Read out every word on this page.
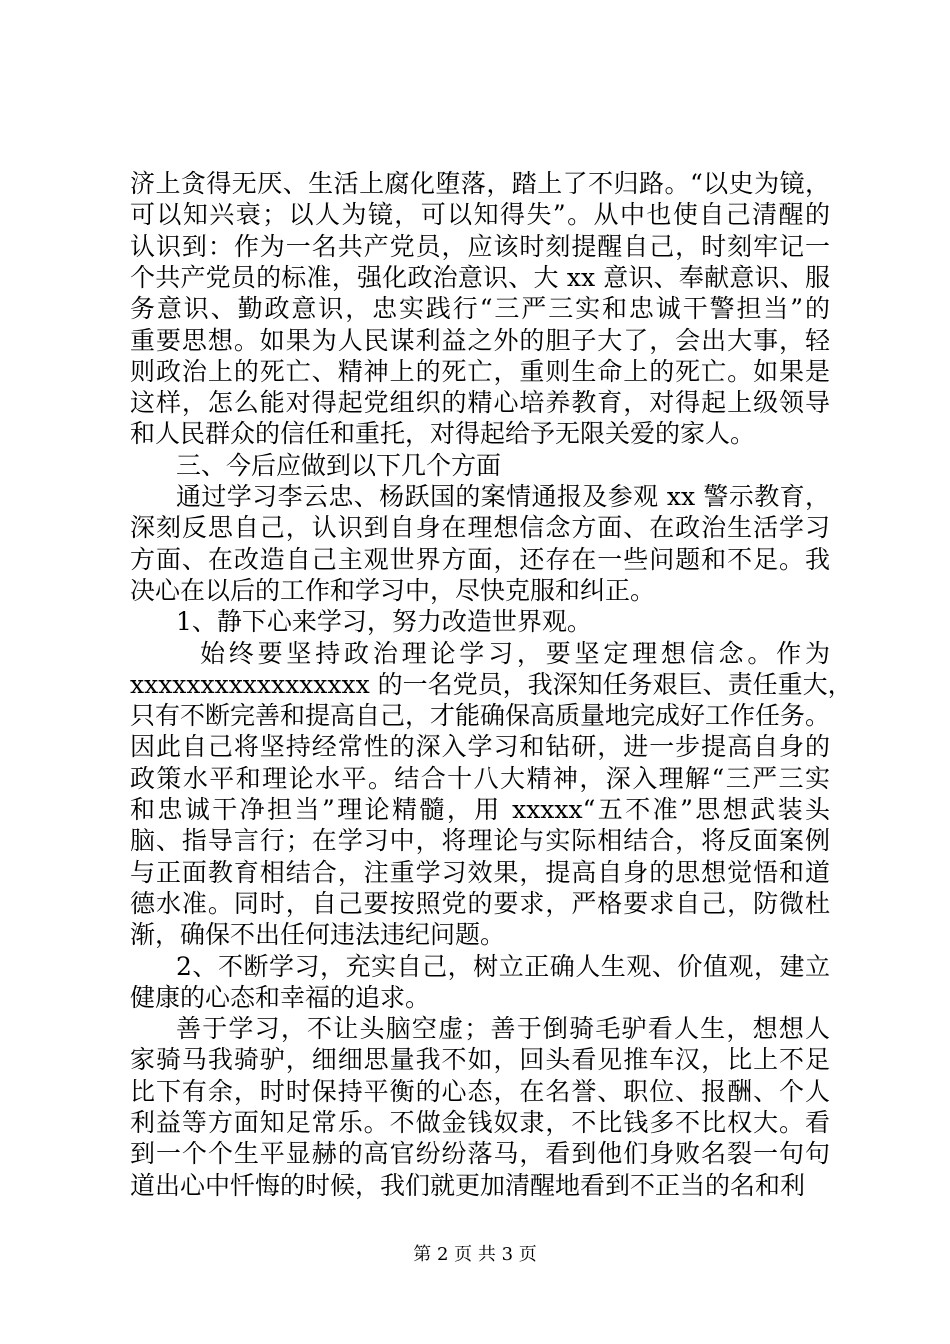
济上贪得无厌、生活上腐化堕落，踏上了不归路。“以史为镜，
可以知兴衰；以人为镜，可以知得失”。从中也使自己清醒的
认识到：作为一名共产党员，应该时刻提醒自己，时刻牢记一
个共产党员的标准，强化政治意识、大 xx 意识、奉献意识、服
务意识、勤政意识，忠实践行“三严三实和忠诚干警担当”的
重要思想。如果为人民谋利益之外的胆子大了，会出大事，轻
则政治上的死亡、精神上的死亡，重则生命上的死亡。如果是
这样，怎么能对得起党组织的精心培养教育，对得起上级领导
和人民群众的信任和重托，对得起给予无限关爱的家人。
三、今后应做到以下几个方面
通过学习李云忠、杨跃国的案情通报及参观 xx 警示教育，
深刻反思自己，认识到自身在理想信念方面、在政治生活学习
方面、在改造自己主观世界方面，还存在一些问题和不足。我
决心在以后的工作和学习中，尽快克服和纠正。
1、静下心来学习，努力改造世界观。
始终要坚持政治理论学习，要坚定理想信念。作为
xxxxxxxxxxxxxxxxx 的一名党员，我深知任务艰巨、责任重大，
只有不断完善和提高自己，才能确保高质量地完成好工作任务。
因此自己将坚持经常性的深入学习和钻研，进一步提高自身的
政策水平和理论水平。结合十八大精神，深入理解“三严三实
和忠诚干净担当”理论精髓，用 xxxxx“五不准”思想武装头
脑、指导言行；在学习中，将理论与实际相结合，将反面案例
与正面教育相结合，注重学习效果，提高自身的思想觉悟和道
德水准。同时，自己要按照党的要求，严格要求自己，防微杜
渐，确保不出任何违法违纪问题。
2、不断学习，充实自己，树立正确人生观、价值观，建立
健康的心态和幸福的追求。
善于学习，不让头脑空虚；善于倒骑毛驴看人生，想想人
家骑马我骑驴，细细思量我不如，回头看见推车汉，比上不足
比下有余，时时保持平衡的心态，在名誉、职位、报酬、个人
利益等方面知足常乐。不做金钱奴隶，不比钱多不比权大。看
到一个个生平显赫的高官纷纷落马，看到他们身败名裂一句句
道出心中忏悔的时候，我们就更加清醒地看到不正当的名和利
第 2 页 共 3 页
